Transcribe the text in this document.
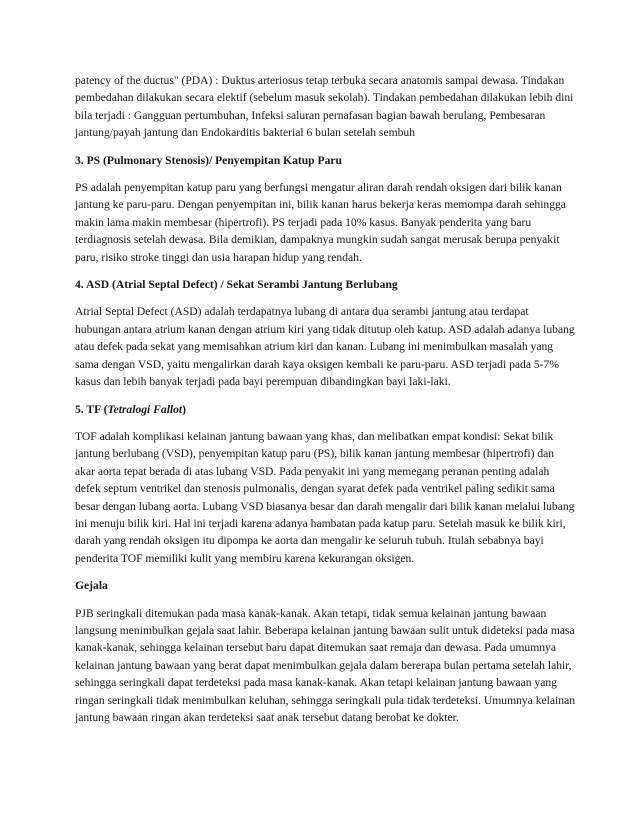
patency of the ductus" (PDA) : Duktus arteriosus tetap terbuka secara anatomis sampai dewasa. Tindakan pembedahan dilakukan secara elektif (sebelum masuk sekolah). Tindakan pembedahan dilakukan lebih dini bila terjadi : Gangguan pertumbuhan, Infeksi saluran pernafasan bagian bawah berulang, Pembesaran jantung/payah jantung dan Endokarditis bakterial 6 bulan setelah sembuh

3. PS (Pulmonary Stenosis)/ Penyempitan Katup Paru

PS adalah penyempitan katup paru yang berfungsi mengatur aliran darah rendah oksigen dari bilik kanan jantung ke paru-paru. Dengan penyempitan ini, bilik kanan harus bekerja keras memompa darah sehingga makin lama makin membesar (hipertrofi). PS terjadi pada 10% kasus. Banyak penderita yang baru terdiagnosis setelah dewasa. Bila demikian, dampaknya mungkin sudah sangat merusak berupa penyakit paru, risiko stroke tinggi dan usia harapan hidup yang rendah.

4. ASD (Atrial Septal Defect) / Sekat Serambi Jantung Berlubang

Atrial Septal Defect (ASD) adalah terdapatnya lubang di antara dua serambi jantung atau terdapat hubungan antara atrium kanan dengan atrium kiri yang tidak ditutup oleh katup. ASD adalah adanya lubang atau defek pada sekat yang memisahkan atrium kiri dan kanan. Lubang ini menimbulkan masalah yang sama dengan VSD, yaitu mengalirkan darah kaya oksigen kembali ke paru-paru. ASD terjadi pada 5-7% kasus dan lebih banyak terjadi pada bayi perempuan dibandingkan bayi laki-laki.

5. TF (Tetralogi Fallot)

TOF adalah komplikasi kelainan jantung bawaan yang khas, dan melibatkan empat kondisi: Sekat bilik jantung berlubang (VSD), penyempitan katup paru (PS), bilik kanan jantung membesar (hipertrofi) dan akar aorta tepat berada di atas lubang VSD. Pada penyakit ini yang memegang peranan penting adalah defek septum ventrikel dan stenosis pulmonalis, dengan syarat defek pada ventrikel paling sedikit sama besar dengan lubang aorta. Lubang VSD biasanya besar dan darah mengalir dari bilik kanan melalui lubang ini menuju bilik kiri. Hal ini terjadi karena adanya hambatan pada katup paru. Setelah masuk ke bilik kiri, darah yang rendah oksigen itu dipompa ke aorta dan mengalir ke seluruh tubuh. Itulah sebabnya bayi penderita TOF memiliki kulit yang membiru karena kekurangan oksigen.

Gejala

PJB seringkali ditemukan pada masa kanak-kanak. Akan tetapi, tidak semua kelainan jantung bawaan langsung menimbulkan gejala saat lahir. Beberapa kelainan jantung bawaan sulit untuk dideteksi pada masa kanak-kanak, sehingga kelainan tersebut baru dapat ditemukan saat remaja dan dewasa. Pada umumnya kelainan jantung bawaan yang berat dapat menimbulkan gejala dalam bererapa bulan pertama setelah lahir, sehingga seringkali dapat terdeteksi pada masa kanak-kanak. Akan tetapi kelainan jantung bawaan yang ringan seringkali tidak menimbulkan keluhan, sehingga seringkali pula tidak terdeteksi. Umumnya kelainan jantung bawaan ringan akan terdeteksi saat anak tersebut datang berobat ke dokter.
